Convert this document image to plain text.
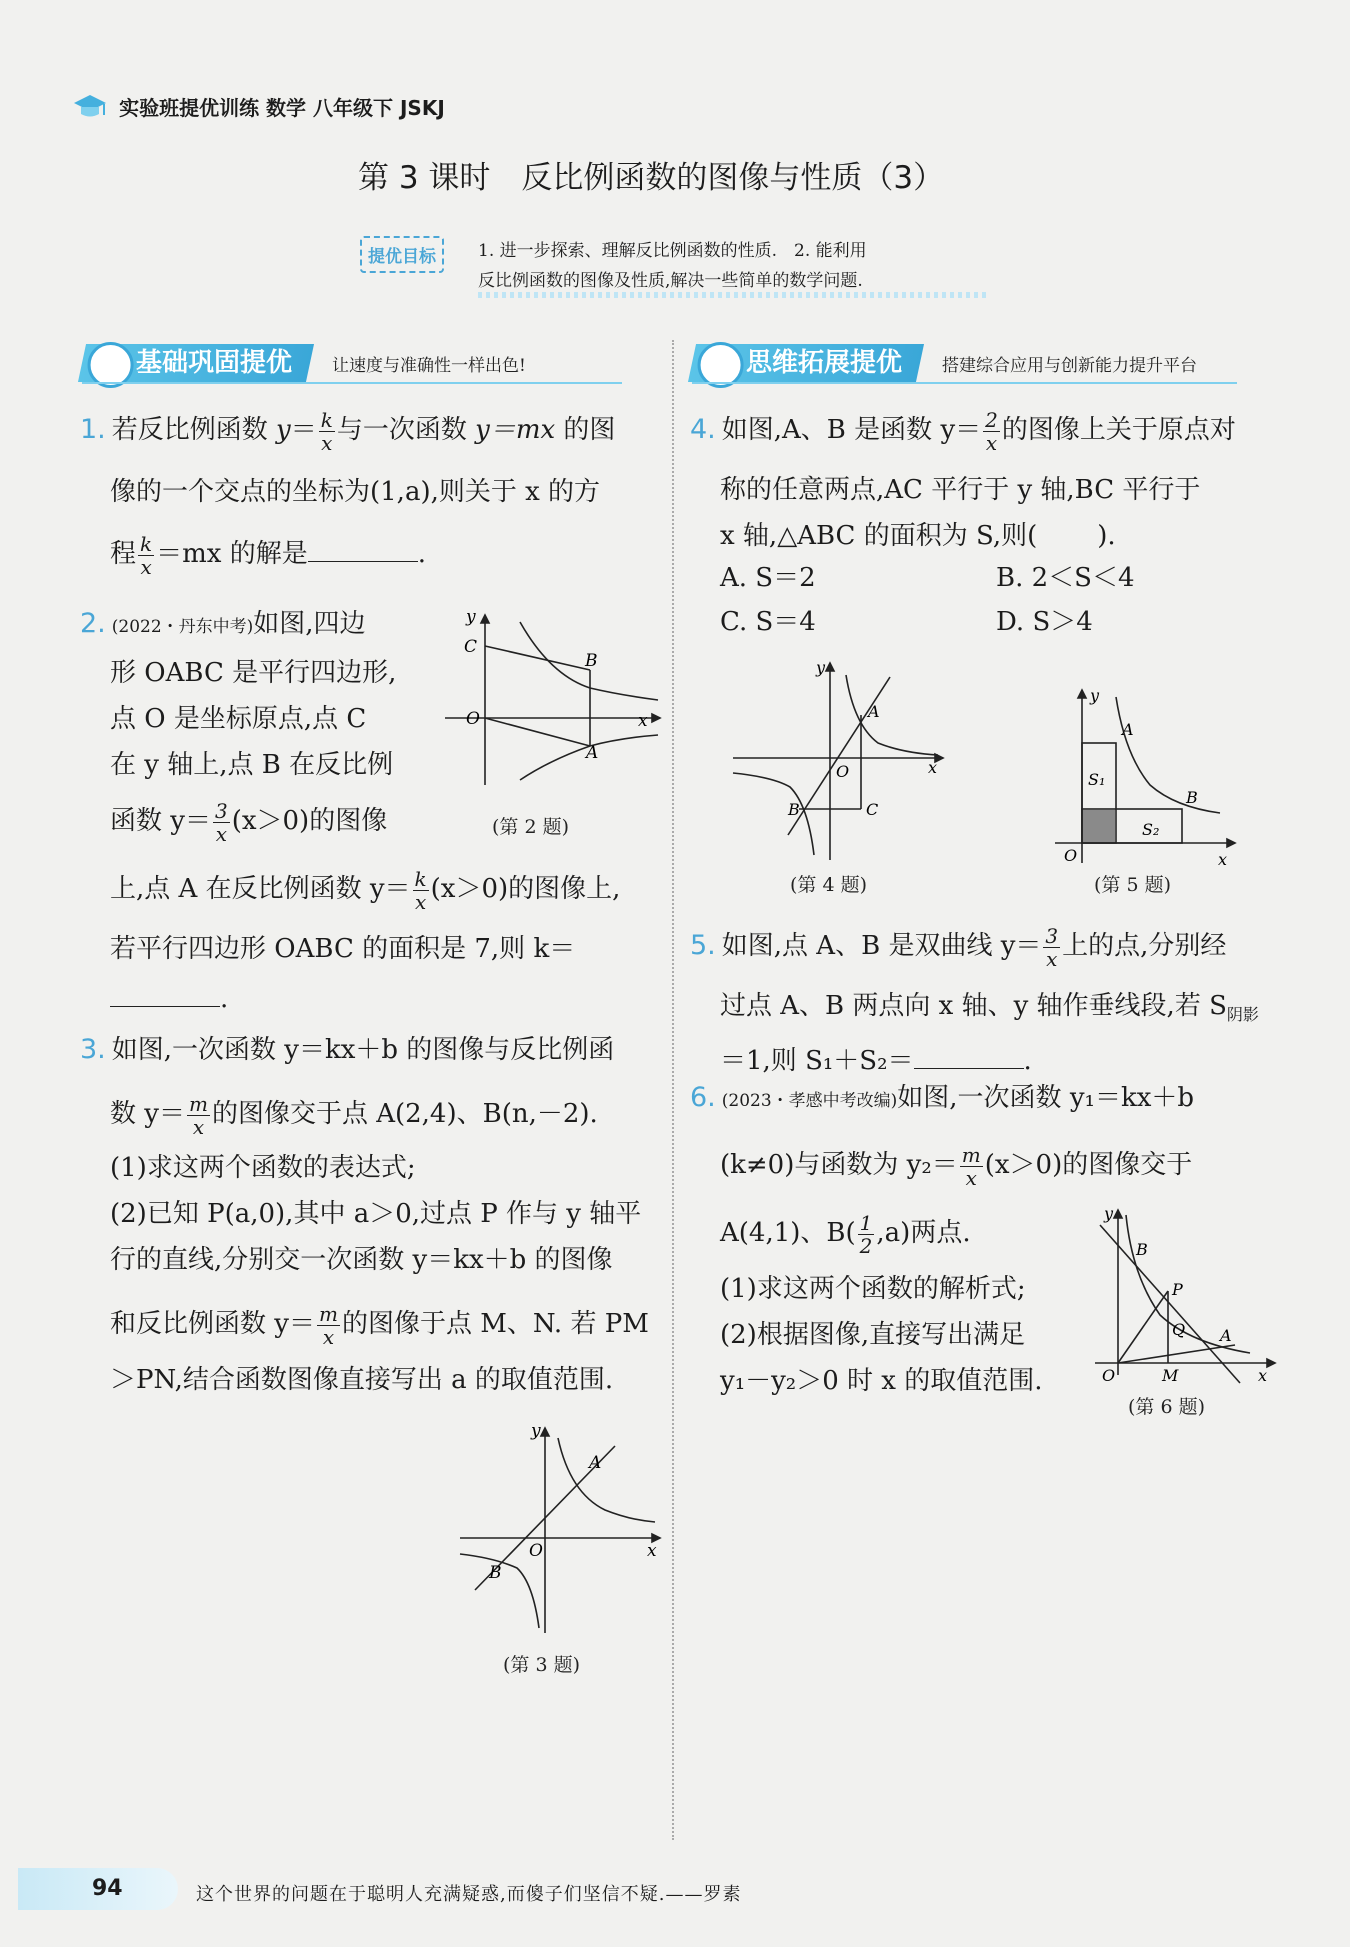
实验班提优训练 数学 八年级下 JSKJ
第 3 课时　反比例函数的图像与性质（3）
提优目标	1. 进一步探索、理解反比例函数的性质.　2. 能利用
反比例函数的图像及性质,解决一些简单的数学问题.
基础巩固提优	让速度与准确性一样出色!	思维拓展提优	搭建综合应用与创新能力提升平台
1. 若反比例函数 $y= \frac{k}{x}$ 与一次函数 y＝mx 的图
像的一个交点的坐标为(1,a),则关于 x 的方
程 $\frac{k}{x} =mx$ 的解是	.
2. (2022・丹东中考)如图,四边
形 OABC 是平行四边形,
点 O 是坐标原点,点 C
在 y 轴上,点 B 在反比例
函数 $y= \frac{3}{x} (x>0)$的图像
上,点 A 在反比例函数 $y= \frac{k}{x} (x>0)$的图像上,
若平行四边形 OABC 的面积是 7,则 k＝
.
y
C
O
B
A
x
(第 2 题)
3. 如图,一次函数 y＝kx＋b 的图像与反比例函
数 $y= \frac{m}{x}$ 的图像交于点 A(2,4)、B(n,－2).
(1)求这两个函数的表达式;
(2)已知 P(a,0),其中 a＞0,过点 P 作与 y 轴平
行的直线,分别交一次函数 y＝kx＋b 的图像
和反比例函数 $y= \frac{m}{x}$ 的图像于点 M、N. 若 PM
＞PN,结合函数图像直接写出 a 的取值范围.
y
A
O
B
x
(第 3 题)
4. 如图,A、B 是函数 $y= \frac{2}{x}$ 的图像上关于原点对
称的任意两点,AC 平行于 y 轴,BC 平行于
x 轴,△ABC 的面积为 S,则( ).
A. S＝2	B. 2＜S＜4
C. S＝4	D. S＞4
y
A
O
B	C
x
(第 4 题)
y
A
S₁
B
S₂
O	x
(第 5 题)
5. 如图,点 A、B 是双曲线 $y= \frac{3}{x}$ 上的点,分别经
过点 A、B 两点向 x 轴、y 轴作垂线段,若 $S_{阴影}$
＝1,则 S₁＋S₂＝	.
6. (2023・孝感中考改编)如图,一次函数 y₁＝kx＋b
(k≠0)与函数为 $y_2= \frac{m}{x} (x>0)$的图像交于
A(4,1)、$B( \frac{1}{2} ,a)$两点.
(1)求这两个函数的解析式;
(2)根据图像,直接写出满足
y₁－y₂＞0 时 x 的取值范围.
y
B
P
Q A
O	M	x
(第 6 题)
94	这个世界的问题在于聪明人充满疑惑,而傻子们坚信不疑.——罗素
